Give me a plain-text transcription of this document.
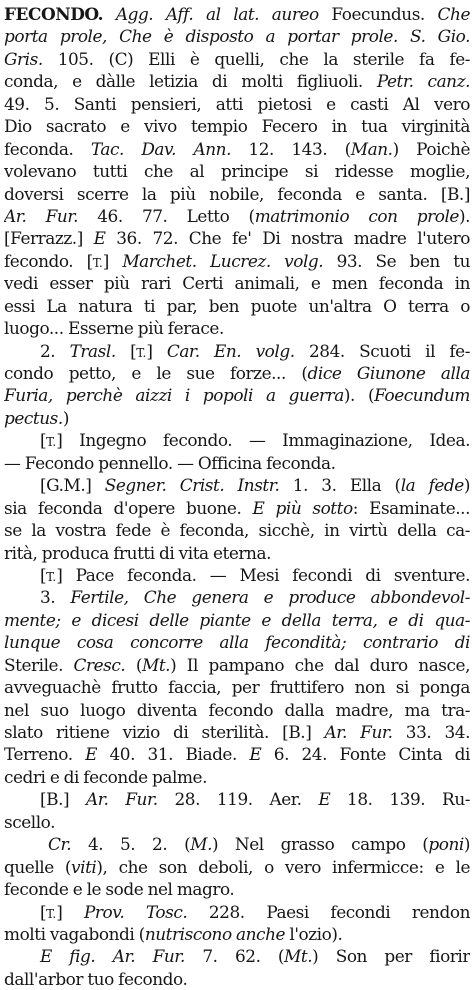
FECONDO. Agg. Aff. al lat. aureo Foecundus. Che
porta prole, Che è disposto a portar prole. S. Gio.
Gris. 105. (C) Elli è quelli, che la sterile fa fe-
conda, e dàlle letizia di molti figliuoli. Petr. canz.
49. 5. Santi pensieri, atti pietosi e casti Al vero
Dio sacrato e vivo tempio Fecero in tua virginità
feconda. Tac. Dav. Ann. 12. 143. (Man.) Poichè
volevano tutti che al principe si ridesse moglie,
doversi scerre la più nobile, feconda e santa. [B.]
Ar. Fur. 46. 77. Letto (matrimonio con prole).
[Ferrazz.] E 36. 72. Che fe' Di nostra madre l'utero
fecondo. [T.] Marchet. Lucrez. volg. 93. Se ben tu
vedi esser più rari Certi animali, e men feconda in
essi La natura ti par, ben puote un'altra O terra o
luogo... Esserne più ferace.
2. Trasl. [T.] Car. En. volg. 284. Scuoti il fe-
condo petto, e le sue forze... (dice Giunone alla
Furia, perchè aizzi i popoli a guerra). (Foecundum
pectus.)
[T.] Ingegno fecondo. — Immaginazione, Idea.
— Fecondo pennello. — Officina feconda.
[G.M.] Segner. Crist. Instr. 1. 3. Ella (la fede)
sia feconda d'opere buone. E più sotto: Esaminate...
se la vostra fede è feconda, sicchè, in virtù della ca-
rità, produca frutti di vita eterna.
[T.] Pace feconda. — Mesi fecondi di sventure.
3. Fertile, Che genera e produce abbondevol-
mente; e dicesi delle piante e della terra, e di qua-
lunque cosa concorre alla fecondità; contrario di
Sterile. Cresc. (Mt.) Il pampano che dal duro nasce,
avveguachè frutto faccia, per fruttifero non si ponga
nel suo luogo diventa fecondo dalla madre, ma tra-
slato ritiene vizio di sterilità. [B.] Ar. Fur. 33. 34.
Terreno. E 40. 31. Biade. E 6. 24. Fonte Cinta di
cedri e di feconde palme.
[B.] Ar. Fur. 28. 119. Aer. E 18. 139. Ru-
scello.
Cr. 4. 5. 2. (M.) Nel grasso campo (poni)
quelle (viti), che son deboli, o vero infermicce: e le
feconde e le sode nel magro.
[T.] Prov. Tosc. 228. Paesi fecondi rendon
molti vagabondi (nutriscono anche l'ozio).
E fig. Ar. Fur. 7. 62. (Mt.) Son per fiorir
dall'arbor tuo fecondo.
